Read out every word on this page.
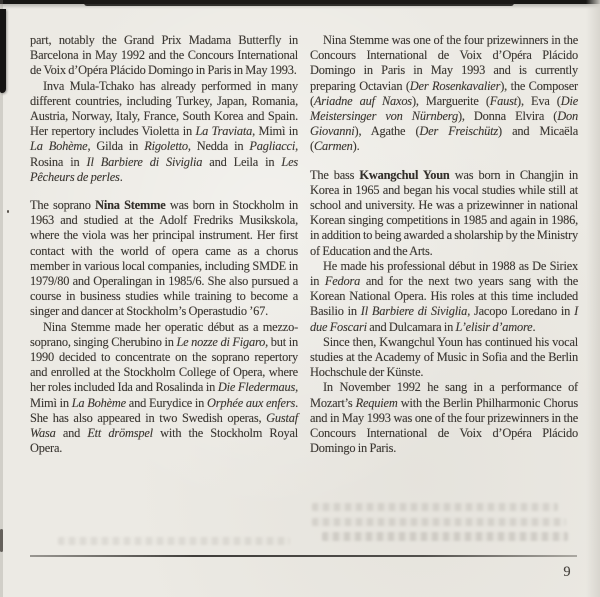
part, notably the Grand Prix Madama Butterfly in Barcelona in May 1992 and the Concours International de Voix d’Opéra Plácido Domingo in Paris in May 1993.

Inva Mula-Tchako has already performed in many different countries, including Turkey, Japan, Romania, Austria, Norway, Italy, France, South Korea and Spain. Her repertory includes Violetta in La Traviata, Mimì in La Bohème, Gilda in Rigoletto, Nedda in Pagliacci, Rosina in Il Barbiere di Siviglia and Leila in Les Pêcheurs de perles.

The soprano Nina Stemme was born in Stockholm in 1963 and studied at the Adolf Fredriks Musikskola, where the viola was her principal instrument. Her first contact with the world of opera came as a chorus member in various local companies, including SMDE in 1979/80 and Operalingan in 1985/6. She also pursued a course in business studies while training to become a singer and dancer at Stockholm’s Operastudio ’67.

Nina Stemme made her operatic début as a mezzo-soprano, singing Cherubino in Le nozze di Figaro, but in 1990 decided to concentrate on the soprano repertory and enrolled at the Stockholm College of Opera, where her roles included Ida and Rosalinda in Die Fledermaus, Mimì in La Bohème and Eurydice in Orphée aux enfers. She has also appeared in two Swedish operas, Gustaf Wasa and Ett drömspel with the Stockholm Royal Opera.

Nina Stemme was one of the four prizewinners in the Concours International de Voix d’Opéra Plácido Domingo in Paris in May 1993 and is currently preparing Octavian (Der Rosenkavalier), the Composer (Ariadne auf Naxos), Marguerite (Faust), Eva (Die Meistersinger von Nürnberg), Donna Elvira (Don Giovanni), Agathe (Der Freischütz) and Micaëla (Carmen).

The bass Kwangchul Youn was born in Changjin in Korea in 1965 and began his vocal studies while still at school and university. He was a prizewinner in national Korean singing competitions in 1985 and again in 1986, in addition to being awarded a sholarship by the Ministry of Education and the Arts.

He made his professional début in 1988 as De Siriex in Fedora and for the next two years sang with the Korean National Opera. His roles at this time included Basilio in Il Barbiere di Siviglia, Jacopo Loredano in I due Foscari and Dulcamara in L’elisir d’amore.

Since then, Kwangchul Youn has continued his vocal studies at the Academy of Music in Sofia and the Berlin Hochschule der Künste.

In November 1992 he sang in a performance of Mozart’s Requiem with the Berlin Philharmonic Chorus and in May 1993 was one of the four prizewinners in the Concours International de Voix d’Opéra Plácido Domingo in Paris.

9
